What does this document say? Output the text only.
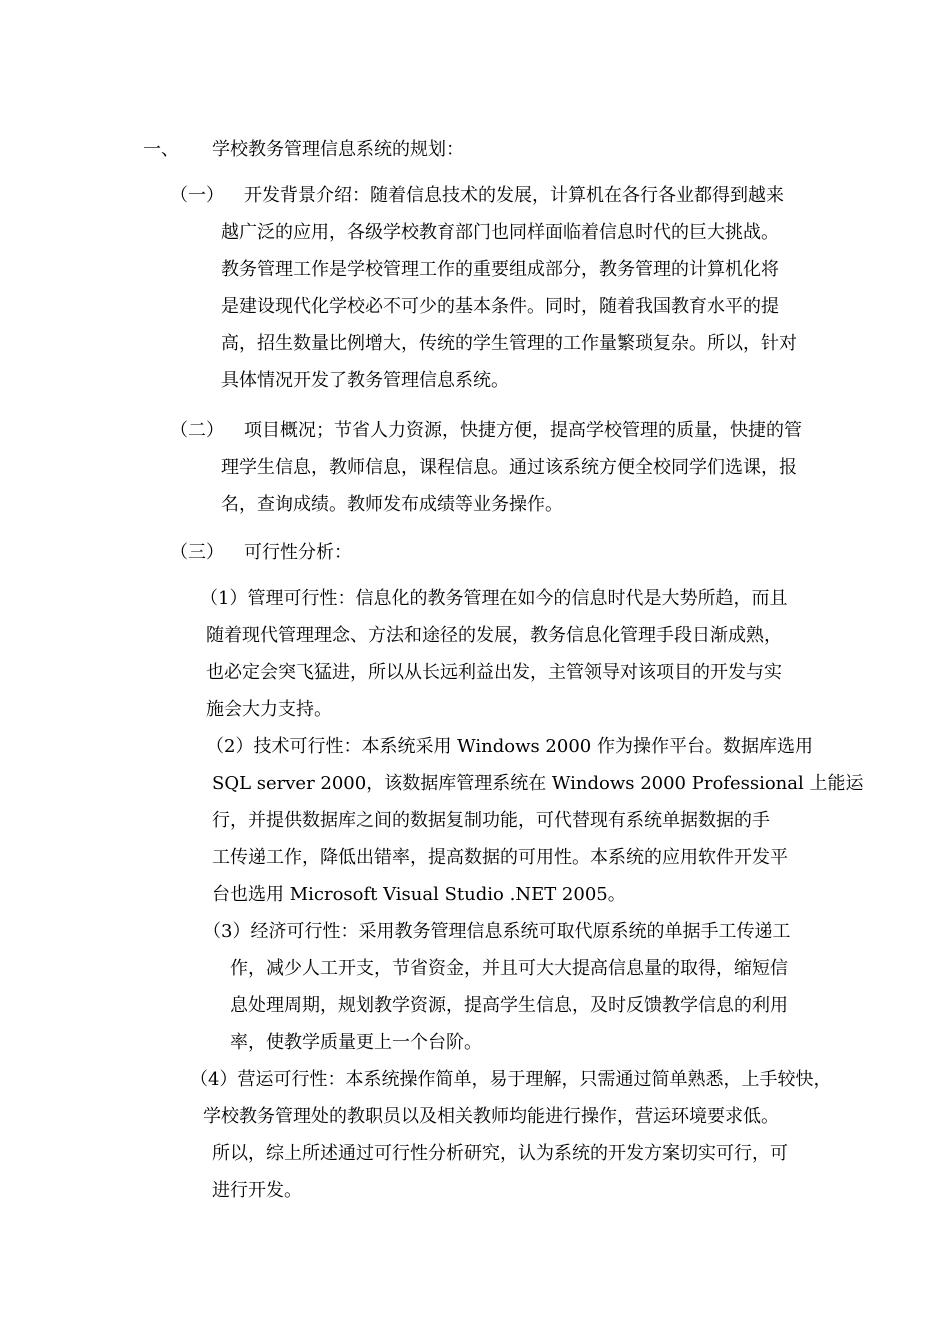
一、 学校教务管理信息系统的规划：
（一） 开发背景介绍：随着信息技术的发展，计算机在各行各业都得到越来
越广泛的应用，各级学校教育部门也同样面临着信息时代的巨大挑战。
教务管理工作是学校管理工作的重要组成部分，教务管理的计算机化将
是建设现代化学校必不可少的基本条件。同时，随着我国教育水平的提
高，招生数量比例增大，传统的学生管理的工作量繁琐复杂。所以，针对
具体情况开发了教务管理信息系统。
（二） 项目概况；节省人力资源，快捷方便，提高学校管理的质量，快捷的管
理学生信息，教师信息，课程信息。通过该系统方便全校同学们选课，报
名，查询成绩。教师发布成绩等业务操作。
（三） 可行性分析：
（1）管理可行性：信息化的教务管理在如今的信息时代是大势所趋，而且
随着现代管理理念、方法和途径的发展，教务信息化管理手段日渐成熟，
也必定会突飞猛进，所以从长远利益出发，主管领导对该项目的开发与实
施会大力支持。
（2）技术可行性：本系统采用 Windows 2000 作为操作平台。数据库选用
SQL server 2000，该数据库管理系统在 Windows 2000 Professional 上能运
行，并提供数据库之间的数据复制功能，可代替现有系统单据数据的手
工传递工作，降低出错率，提高数据的可用性。本系统的应用软件开发平
台也选用 Microsoft Visual Studio .NET 2005。
（3）经济可行性：采用教务管理信息系统可取代原系统的单据手工传递工
作，减少人工开支，节省资金，并且可大大提高信息量的取得，缩短信
息处理周期，规划教学资源，提高学生信息，及时反馈教学信息的利用
率，使教学质量更上一个台阶。
（4）营运可行性：本系统操作简单，易于理解，只需通过简单熟悉，上手较快，
学校教务管理处的教职员以及相关教师均能进行操作，营运环境要求低。
所以，综上所述通过可行性分析研究，认为系统的开发方案切实可行，可
进行开发。
